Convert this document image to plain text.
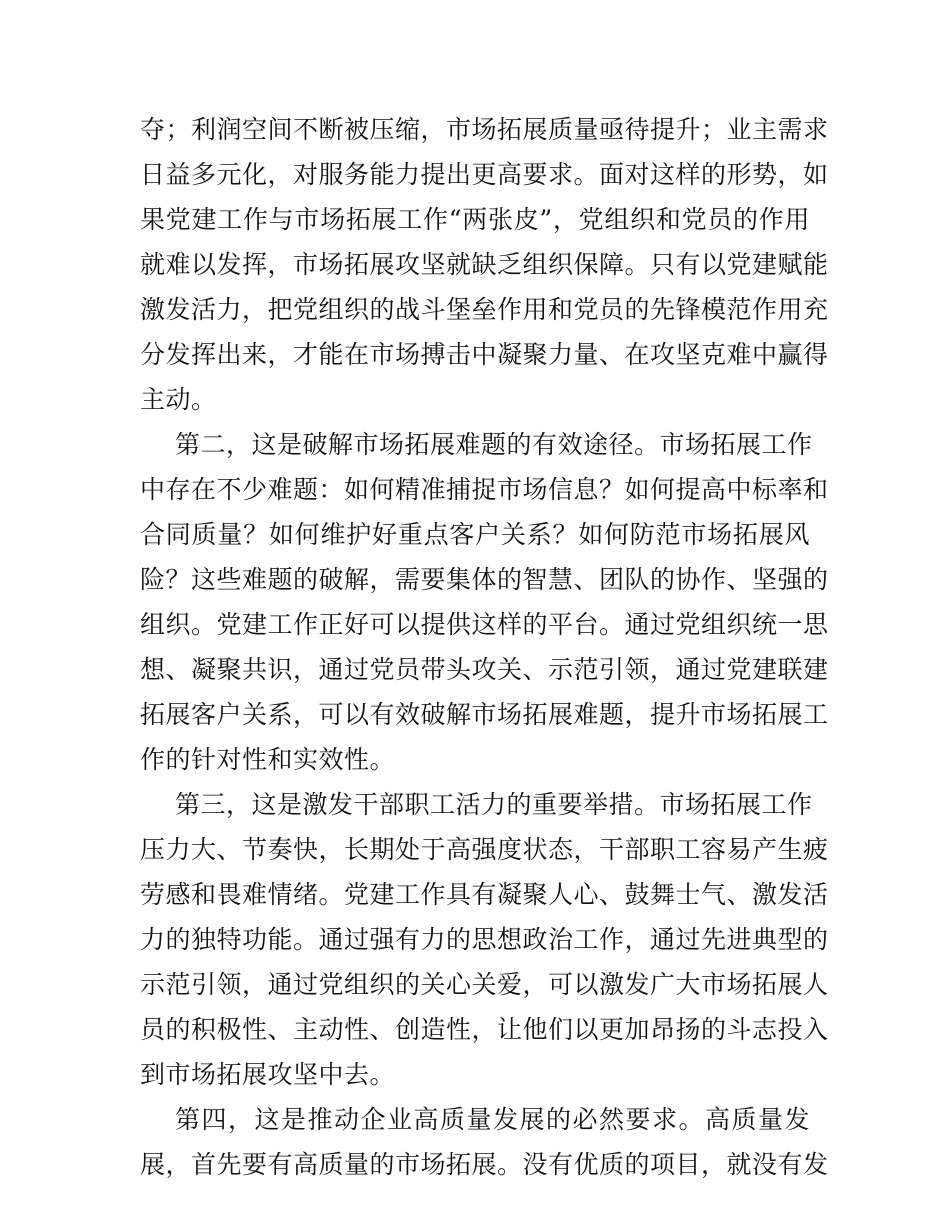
夺；利润空间不断被压缩，市场拓展质量亟待提升；业主需求
日益多元化，对服务能力提出更高要求。面对这样的形势，如
果党建工作与市场拓展工作“两张皮”，党组织和党员的作用
就难以发挥，市场拓展攻坚就缺乏组织保障。只有以党建赋能
激发活力，把党组织的战斗堡垒作用和党员的先锋模范作用充
分发挥出来，才能在市场搏击中凝聚力量、在攻坚克难中赢得
主动。
第二，这是破解市场拓展难题的有效途径。市场拓展工作
中存在不少难题：如何精准捕捉市场信息？如何提高中标率和
合同质量？如何维护好重点客户关系？如何防范市场拓展风
险？这些难题的破解，需要集体的智慧、团队的协作、坚强的
组织。党建工作正好可以提供这样的平台。通过党组织统一思
想、凝聚共识，通过党员带头攻关、示范引领，通过党建联建
拓展客户关系，可以有效破解市场拓展难题，提升市场拓展工
作的针对性和实效性。
第三，这是激发干部职工活力的重要举措。市场拓展工作
压力大、节奏快，长期处于高强度状态，干部职工容易产生疲
劳感和畏难情绪。党建工作具有凝聚人心、鼓舞士气、激发活
力的独特功能。通过强有力的思想政治工作，通过先进典型的
示范引领，通过党组织的关心关爱，可以激发广大市场拓展人
员的积极性、主动性、创造性，让他们以更加昂扬的斗志投入
到市场拓展攻坚中去。
第四，这是推动企业高质量发展的必然要求。高质量发
展，首先要有高质量的市场拓展。没有优质的项目，就没有发
